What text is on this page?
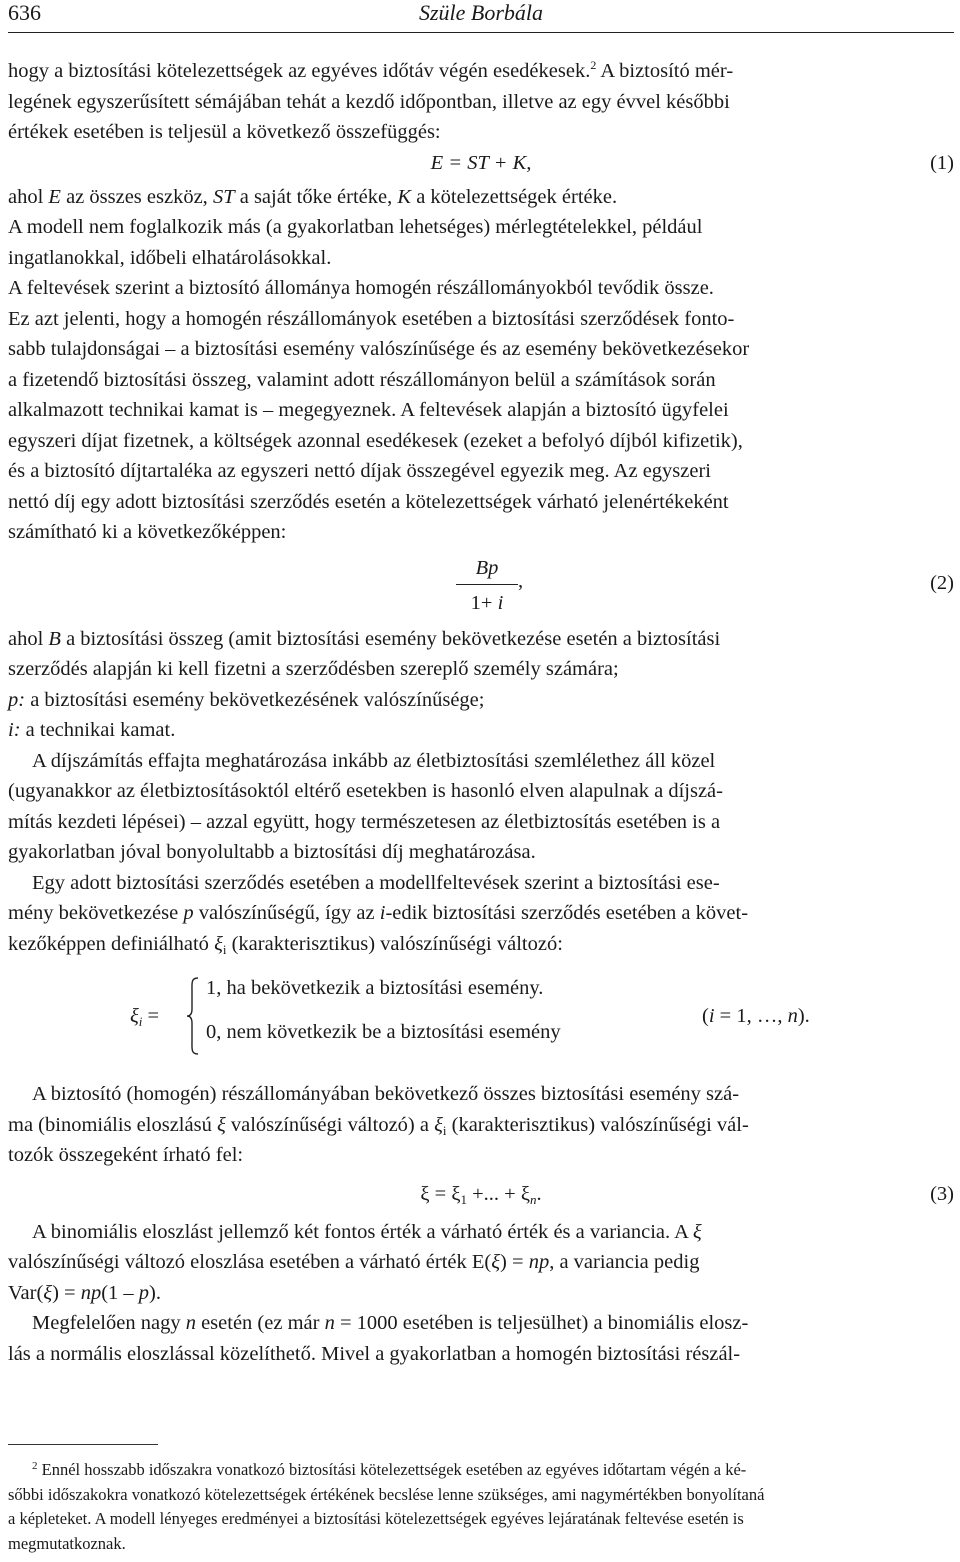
636	Szüle Borbála
hogy a biztosítási kötelezettségek az egyéves időtáv végén esedékesek.$^2$ A biztosító mér-
legének egyszerűsített sémájában tehát a kezdő időpontban, illetve az egy évvel későbbi
értékek esetében is teljesül a következő összefüggés:
E = ST + K,	(1)
ahol E az összes eszköz, ST a saját tőke értéke, K a kötelezettségek értéke.
A modell nem foglalkozik más (a gyakorlatban lehetséges) mérlegtételekkel, például
ingatlanokkal, időbeli elhatárolásokkal.
A feltevések szerint a biztosító állománya homogén részállományokból tevődik össze.
Ez azt jelenti, hogy a homogén részállományok esetében a biztosítási szerződések fonto-
sabb tulajdonságai – a biztosítási esemény valószínűsége és az esemény bekövetkezésekor
a fizetendő biztosítási összeg, valamint adott részállományon belül a számítások során
alkalmazott technikai kamat is – megegyeznek. A feltevések alapján a biztosító ügyfelei
egyszeri díjat fizetnek, a költségek azonnal esedékesek (ezeket a befolyó díjból kifizetik),
és a biztosító díjtartaléka az egyszeri nettó díjak összegével egyezik meg. Az egyszeri
nettó díj egy adott biztosítási szerződés esetén a kötelezettségek várható jelenértékeként
számítható ki a következőképpen:
Bp
1+ i
,	(2)
ahol B a biztosítási összeg (amit biztosítási esemény bekövetkezése esetén a biztosítási
szerződés alapján ki kell fizetni a szerződésben szereplő személy számára;
p: a biztosítási esemény bekövetkezésének valószínűsége;
i: a technikai kamat.
A díjszámítás effajta meghatározása inkább az életbiztosítási szemlélethez áll közel
(ugyanakkor az életbiztosításoktól eltérő esetekben is hasonló elven alapulnak a díjszá-
mítás kezdeti lépései) – azzal együtt, hogy természetesen az életbiztosítás esetében is a
gyakorlatban jóval bonyolultabb a biztosítási díj meghatározása.
Egy adott biztosítási szerződés esetében a modellfeltevések szerint a biztosítási ese-
mény bekövetkezése p valószínűségű, így az i-edik biztosítási szerződés esetében a követ-
kezőképpen definiálható $\xi_i$ (karakterisztikus) valószínűségi változó:
$\xi_i$ =
1, ha bekövetkezik a biztosítási esemény.
0, nem következik be a biztosítási esemény
(i = 1, …, n).
A biztosító (homogén) részállományában bekövetkező összes biztosítási esemény szá-
ma (binomiális eloszlású ξ valószínűségi változó) a $\xi_i$ (karakterisztikus) valószínűségi vál-
tozók összegeként írható fel:
$\xi = \xi_1$ +... + $\xi_n$.	(3)
A binomiális eloszlást jellemző két fontos érték a várható érték és a variancia. A ξ
valószínűségi változó eloszlása esetében a várható érték E(ξ) = np, a variancia pedig
Var(ξ) = np(1 – p).
Megfelelően nagy n esetén (ez már n = 1000 esetében is teljesülhet) a binomiális elosz-
lás a normális eloszlással közelíthető. Mivel a gyakorlatban a homogén biztosítási részál-
$^2$ Ennél hosszabb időszakra vonatkozó biztosítási kötelezettségek esetében az egyéves időtartam végén a ké-
sőbbi időszakokra vonatkozó kötelezettségek értékének becslése lenne szükséges, ami nagymértékben bonyolítaná
a képleteket. A modell lényeges eredményei a biztosítási kötelezettségek egyéves lejáratának feltevése esetén is
megmutatkoznak.
